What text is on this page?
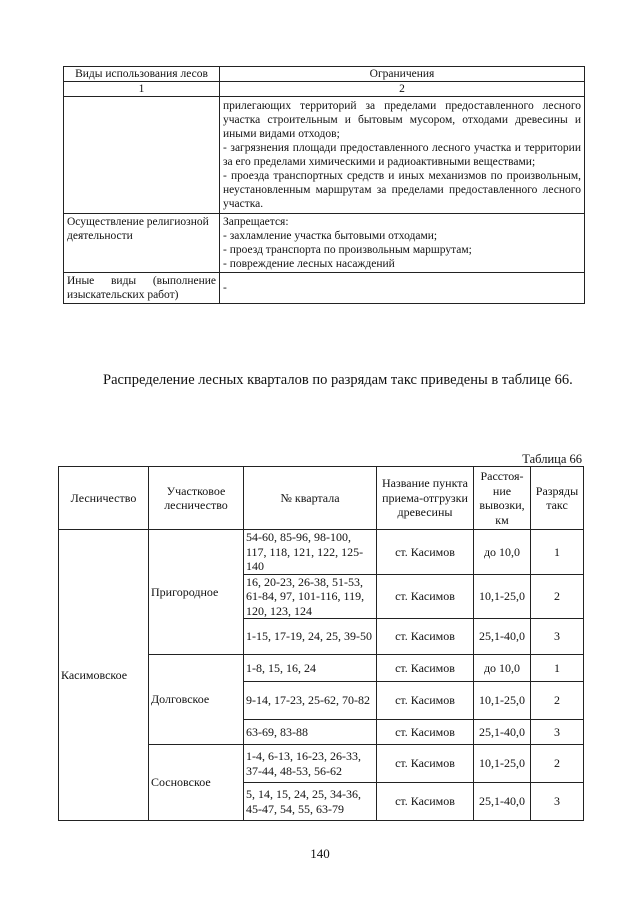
Виды использования лесов	Ограничения
1	2

	прилегающих территорий за пределами предоставленного лесного участка строительным и бытовым мусором, отходами древесины и иными видами отходов;
- загрязнения площади предоставленного лесного участка и территории за его пределами химическими и радиоактивными веществами;
- проезда транспортных средств и иных механизмов по произвольным, неустановленным маршрутам за пределами предоставленного лесного участка.

Осуществление религиозной деятельности	Запрещается:
- захламление участка бытовыми отходами;
- проезд транспорта по произвольным маршрутам;
- повреждение лесных насаждений

Иные виды (выполнение изыскательских работ)	-
Распределение лесных кварталов по разрядам такс приведены в таблице 66.
Таблица 66
Лесничество	Участковое лесничество	№ квартала	Название пункта приема-отгрузки древесины	Расстоя-ние вывозки, км	Разряды такс
Касимовское	Пригородное	54-60, 85-96, 98-100, 117, 118, 121, 122, 125-140	ст. Касимов	до 10,0	1
		16, 20-23, 26-38, 51-53, 61-84, 97, 101-116, 119, 120, 123, 124	ст. Касимов	10,1-25,0	2
		1-15, 17-19, 24, 25, 39-50	ст. Касимов	25,1-40,0	3
	Долговское	1-8, 15, 16, 24	ст. Касимов	до 10,0	1
		9-14, 17-23, 25-62, 70-82	ст. Касимов	10,1-25,0	2
		63-69, 83-88	ст. Касимов	25,1-40,0	3
	Сосновское	1-4, 6-13, 16-23, 26-33, 37-44, 48-53, 56-62	ст. Касимов	10,1-25,0	2
		5, 14, 15, 24, 25, 34-36, 45-47, 54, 55, 63-79	ст. Касимов	25,1-40,0	3
140
